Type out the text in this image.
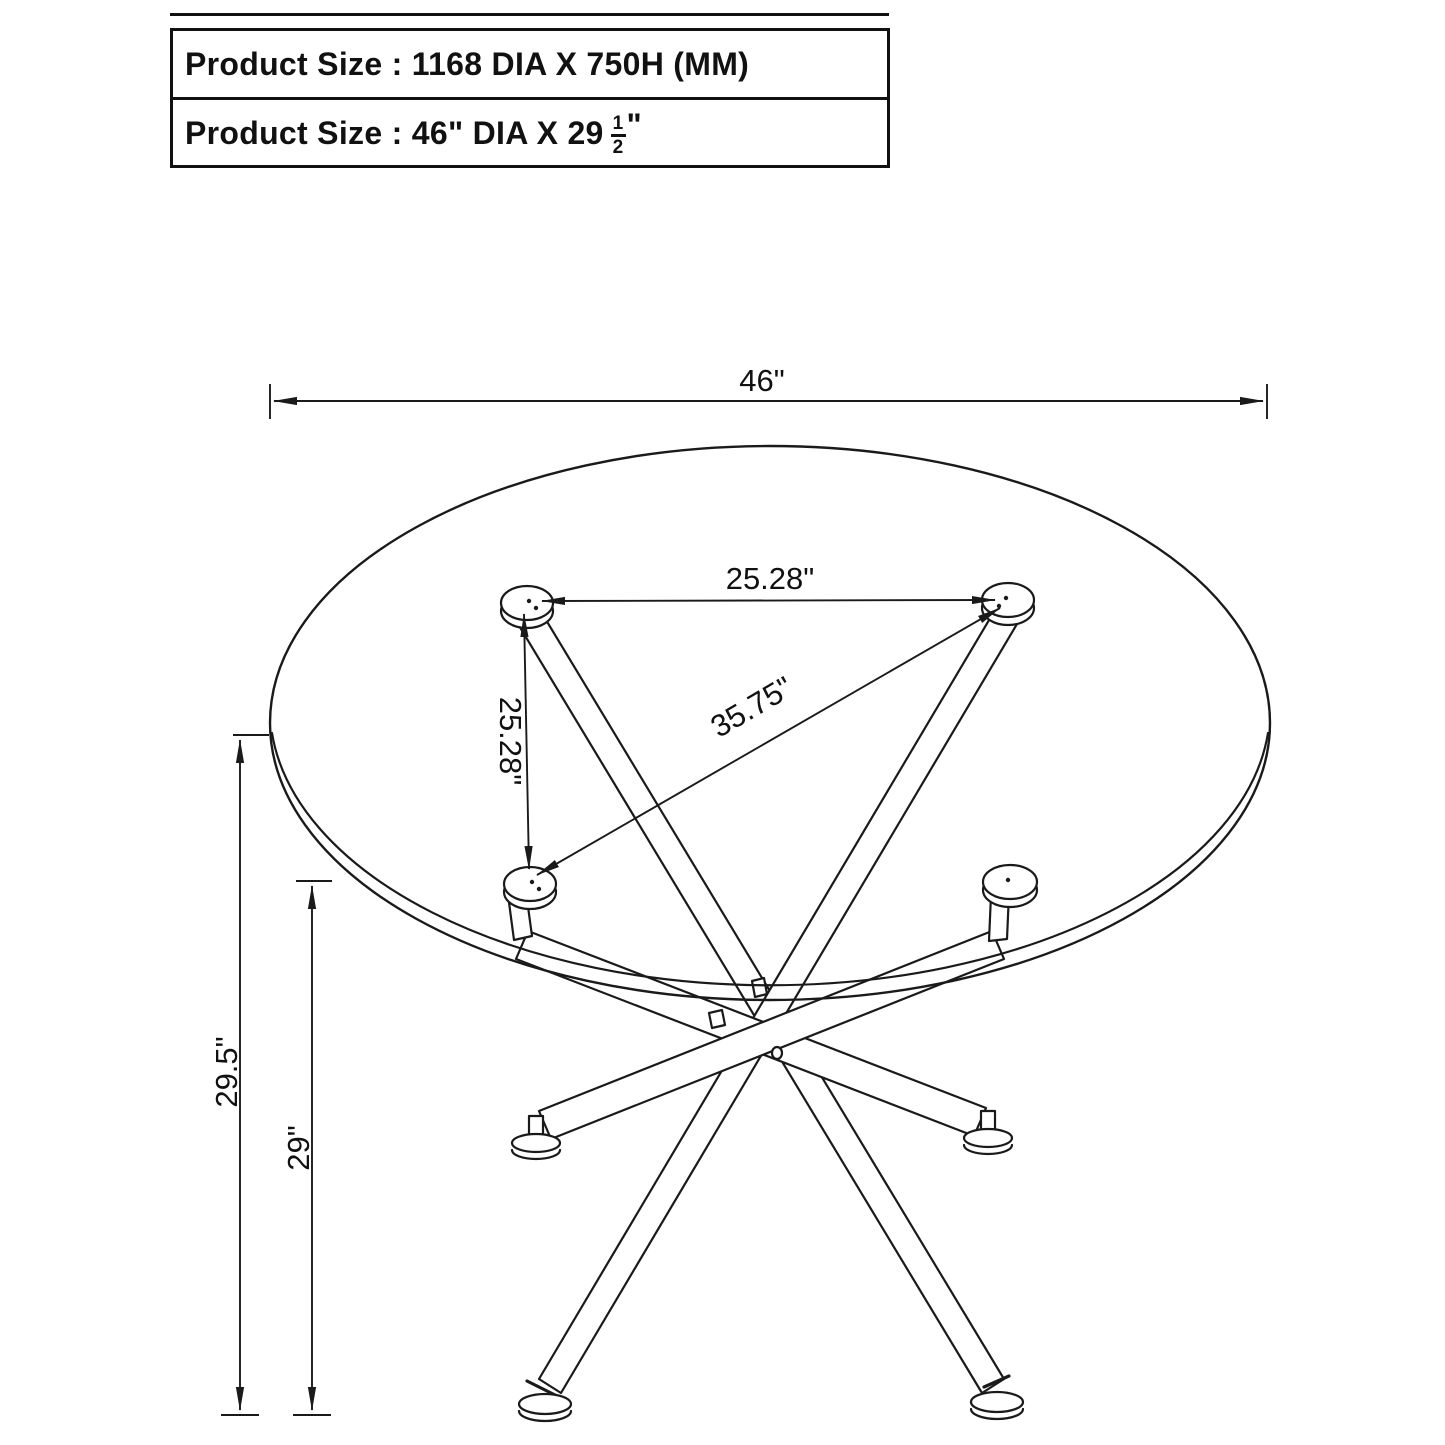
46"
25.28"
25.28"	35.75"
29.5"
29"
Product Size : 1168 DIA X 750H (MM)
Product Size : 46" DIA X $29 \frac{1}{2}$ "
